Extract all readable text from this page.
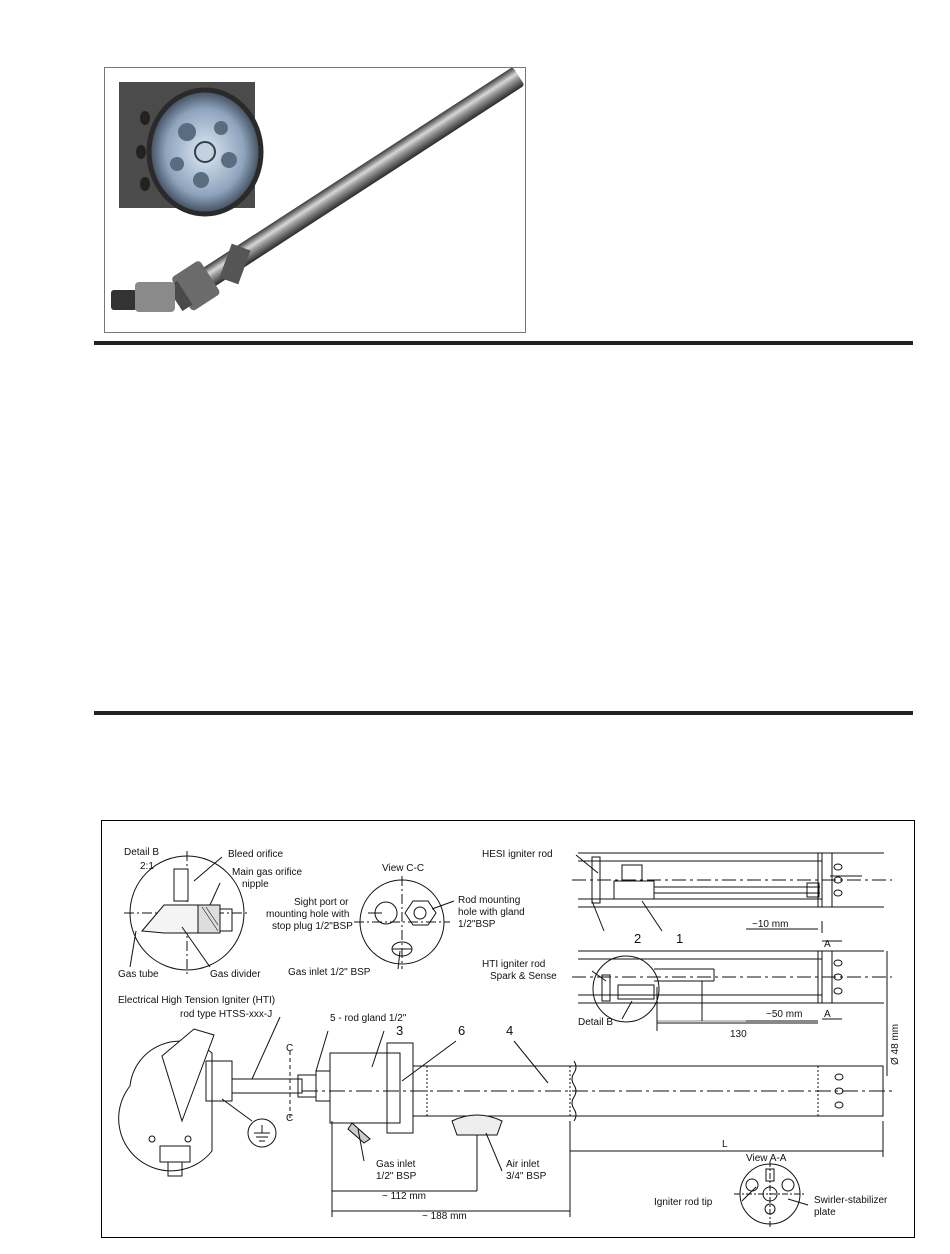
Detail B
2:1
Bleed orifice
Main gas orifice
nipple
Gas tube	Gas divider
View C-C
Sight port or
mounting hole with
stop plug 1/2"BSP
Rod mounting
hole with gland
1/2"BSP
Gas inlet 1/2" BSP
HESI igniter rod
2	1
~10 mm
A
HTI igniter rod
Spark & Sense
Detail B
~50 mm A
130	Ø 48 mm
Electrical High Tension Igniter (HTI)
rod type HTSS-xxx-J	5 - rod gland 1/2"
3	6	4
C
C
Gas inlet
1/2" BSP
Air inlet
3/4" BSP
L
~ 112 mm
~ 188 mm
View A-A
Igniter rod tip	Swirler-stabilizer
plate
